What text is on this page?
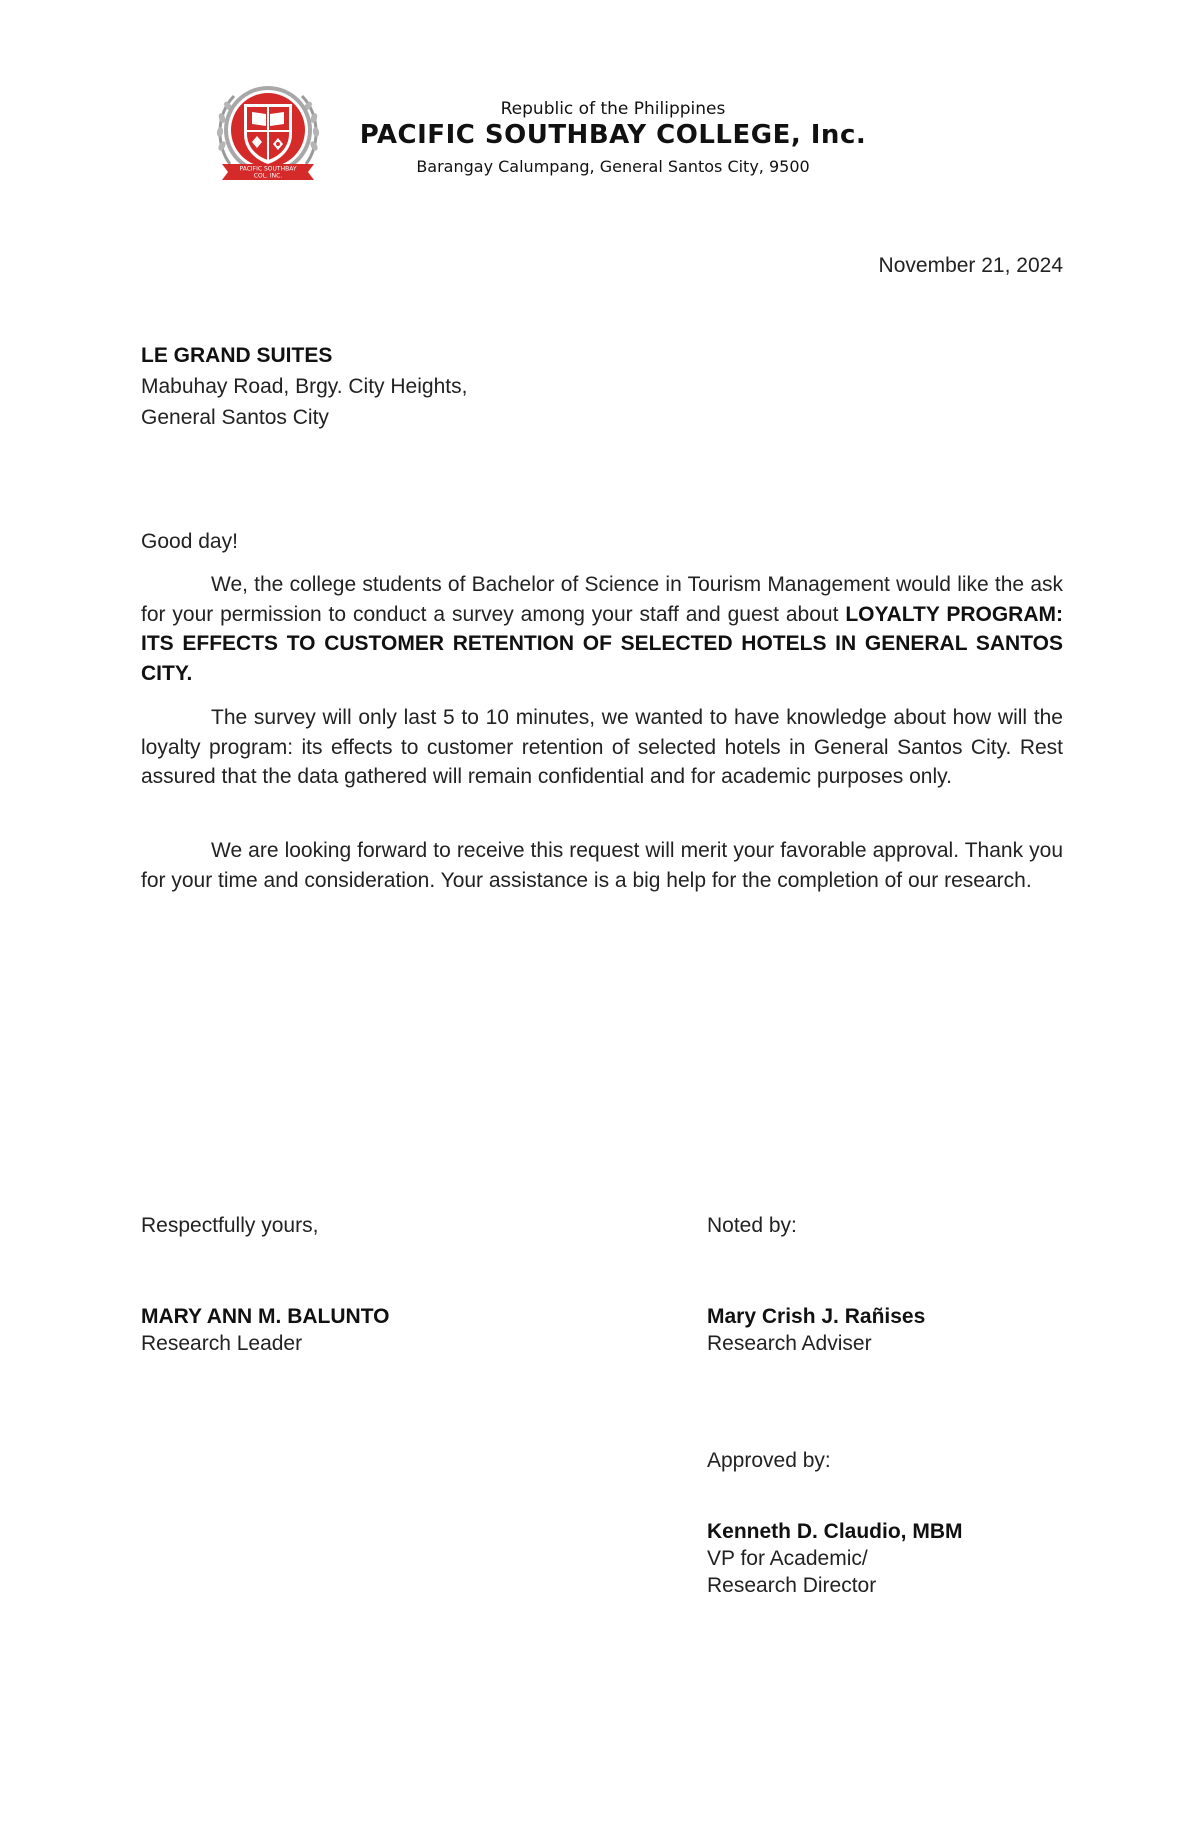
PACIFIC SOUTHBAY
COL. INC.
Republic of the Philippines
PACIFIC SOUTHBAY COLLEGE, Inc.
Barangay Calumpang, General Santos City, 9500
November 21, 2024
LE GRAND SUITES
Mabuhay Road, Brgy. City Heights,
General Santos City
Good day!
We, the college students of Bachelor of Science in Tourism Management would like the ask for your permission to conduct a survey among your staff and guest about LOYALTY PROGRAM: ITS EFFECTS TO CUSTOMER RETENTION OF SELECTED HOTELS IN GENERAL SANTOS CITY.
The survey will only last 5 to 10 minutes, we wanted to have knowledge about how will the loyalty program: its effects to customer retention of selected hotels in General Santos City. Rest assured that the data gathered will remain confidential and for academic purposes only.
We are looking forward to receive this request will merit your favorable approval. Thank you for your time and consideration. Your assistance is a big help for the completion of our research.
Respectfully yours,
MARY ANN M. BALUNTO
Research Leader
Noted by:
Mary Crish J. Rañises
Research Adviser
Approved by:
Kenneth D. Claudio, MBM
VP for Academic/
Research Director
